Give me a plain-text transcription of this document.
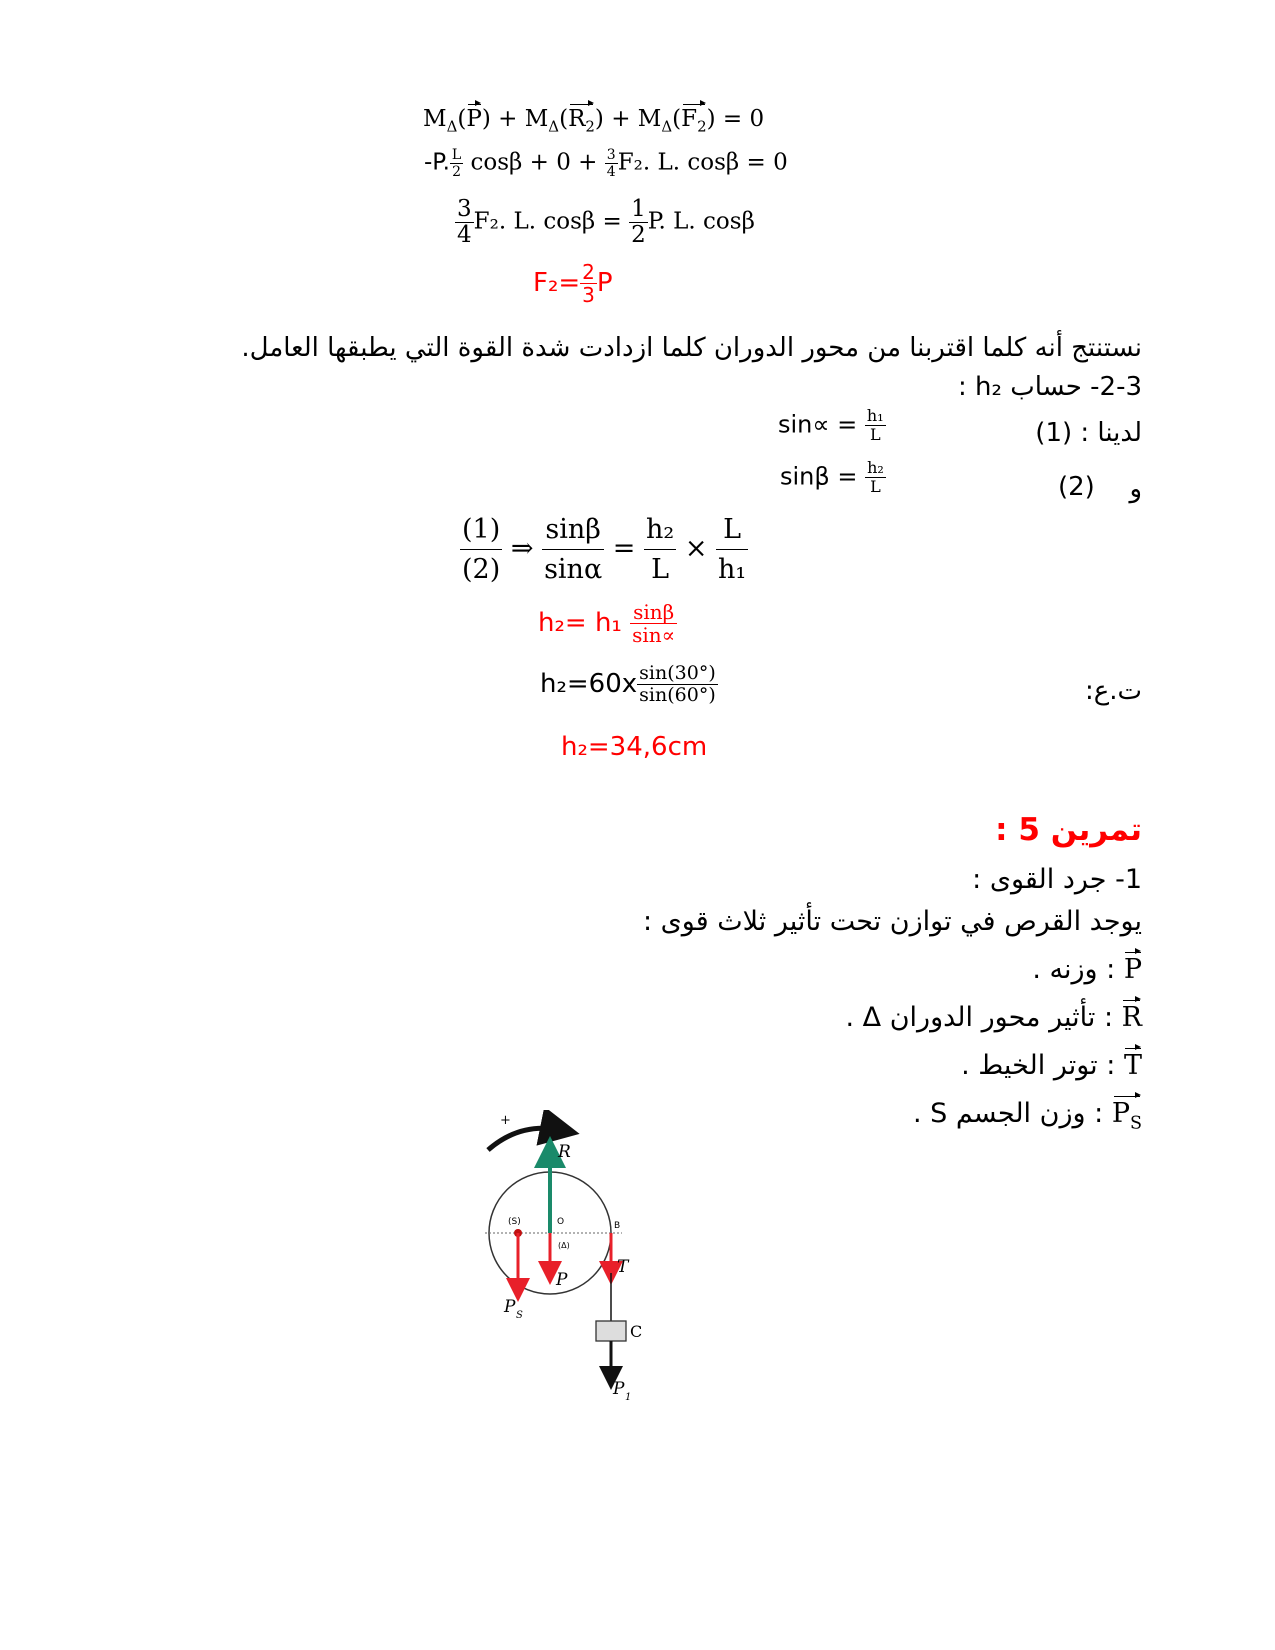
$M_\Delta(P) + M_\Delta(R_2) + M_\Delta(F_2) = 0$
-P. $\frac{L}{2}$ $\cos\beta + 0 + \frac{3}{4} F_2$. L. cosβ = 0
$\frac{3}{4} F_2$. L. $\cos\beta = \frac{1}{2} P$. L. cosβ
$F_2= \frac{2}{3}$ P
نستنتج أنه كلما اقتربنا من محور الدوران كلما ازدادت شدة القوة التي يطبقها العامل.
2-3- حساب h₂ :
لدينا : (1)
$\sin\propto = \frac{\text{h₁}}{L}$
و
(2)
$\sin\beta = \frac{\text{h₂}}{L}$
$\frac{(1)}{(2)}$ ⇒ $\frac{\sin\beta}{\sin\alpha} = \frac{\text{h₂}}{L} \times \frac{L}{\text{h₁}}$
$h_2= h_1 \frac{\sin\beta}{\sin\propto}$
ت.ع:
$h_2=60x \frac{\sin(30^\circ)}{\sin(60^\circ)}$
h₂=34,6cm
تمرين 5 :
1- جرد القوى :
يوجد القرص في توازن تحت تأثير ثلاث قوى :
P : وزنه .
R : تأثير محور الدوران Δ .
T : توتر الخيط .
$P_S$ : وزن الجسم S .
+
R
P
(S)
P S
O
(Δ)
B
T
C
P 1
